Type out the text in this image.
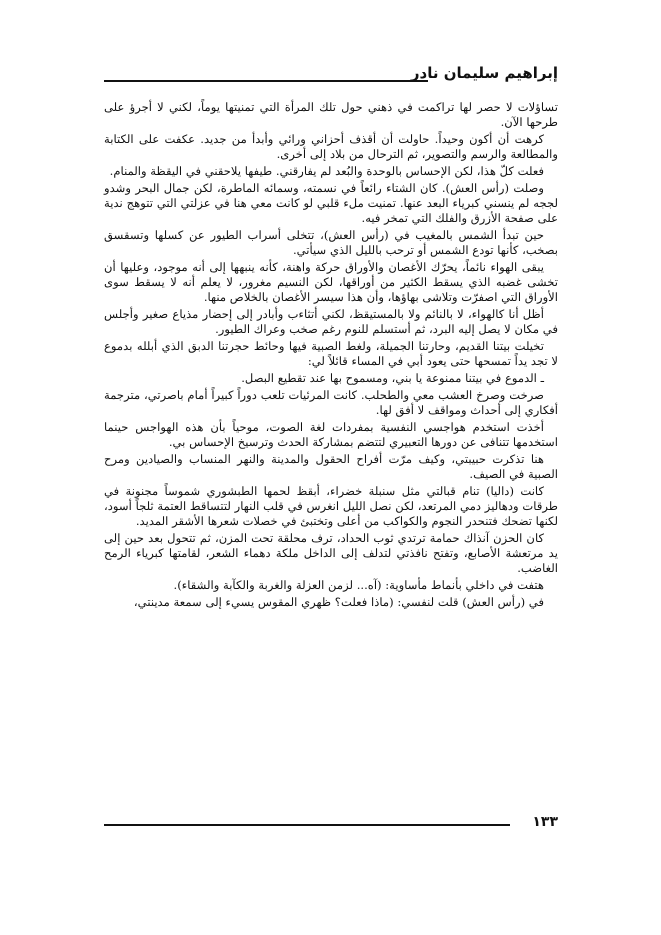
إبراهيم سليمان نادر

تساؤلات لا حصر لها تراكمت في ذهني حول تلك المرأة التي تمنيتها يوماً، لكني لا أجرؤ على طرحها الآن.

كرهت أن أكون وحيداً. حاولت أن أقذف أحزاني ورائي وأبدأ من جديد. عكفت على الكتابة والمطالعة والرسم والتصوير، ثم الترحال من بلاد إلى أخرى.

فعلت كلّ هذا، لكن الإحساس بالوحدة والبُعد لم يفارقني. طيفها يلاحقني في اليقظة والمنام.

وصلت (رأس العش). كان الشتاء رائعاً في نسمته، وسمائه الماطرة، لكن جمال البحر وشدو لججه لم ينسني كبرياء البعد عنها. تمنيت ملء قلبي لو كانت معي هنا في عزلتي التي تتوهج ندية على صفحة الأزرق والفلك التي تمخر فيه.

حين تبدأ الشمس بالمغيب في (رأس العش)، تتخلى أسراب الطيور عن كسلها وتسقسق بصخب، كأنها تودع الشمس أو ترحب بالليل الذي سيأتي.

يبقى الهواء نائماً، يحرّك الأغصان والأوراق حركة واهنة، كأنه ينبهها إلى أنه موجود، وعليها أن تخشى غضبه الذي يسقط الكثير من أوراقها، لكن النسيم مغرور، لا يعلم أنه لا يسقط سوى الأوراق التي اصفرّت وتلاشى بهاؤها، وأن هذا سيسر الأغصان بالخلاص منها.

أظل أنا كالهواء، لا بالنائم ولا بالمستيقظ، لكني أتثاءب وأبادر إلى إحضار مذياع صغير وأجلس في مكان لا يصل إليه البرد، ثم أستسلم للنوم رغم صخب وعراك الطيور.

تخيلت بيتنا القديم، وحارتنا الجميلة، ولغط الصبية فيها وحائط حجرتنا الدبق الذي أبلله بدموع لا تجد يداً تمسحها حتى يعود أبي في المساء قائلاً لي:

ـ الدموع في بيتنا ممنوعة يا بني، ومسموح بها عند تقطيع البصل.

صرخت وصرخ العشب معي والطحلب. كانت المرئيات تلعب دوراً كبيراً أمام باصرتي، مترجمة أفكاري إلى أحداث ومواقف لا أفق لها.

أخذت استخدم هواجسي النفسية بمفردات لغة الصوت، موحياً بأن هذه الهواجس حينما استخدمها تتنافى عن دورها التعبيري لتتضم بمشاركة الحدث وترسيخ الإحساس بي.

هنا تذكرت حبيبتي، وكيف مرّت أفراح الحقول والمدينة والنهر المنساب والصيادين ومرح الصبية في الصيف.

كانت (داليا) تنام قبالتي مثل سنبلة خضراء، أبقظ لحمها الطبشوري شموساً مجنونة في طرقات ودهاليز دمي المرتعد، لكن نصل الليل انغرس في قلب النهار لتتساقط العتمة ثلجاً أسود، لكنها تضحك فتنحدر النجوم والكواكب من أعلى وتختبئ في خصلات شعرها الأشقر المديد.

كان الحزن آنذاك حمامة ترتدي ثوب الحداد، ترف محلقة تحت المزن، ثم تتحول بعد حين إلى يد مرتعشة الأصابع، وتفتح نافذتي لتدلف إلى الداخل ملكة دهماء الشعر، لقامتها كبرياء الرمح الغاضب.

هتفت في داخلي بأنماط مأساوية: (آه... لزمن العزلة والغربة والكآبة والشقاء).

في (رأس العش) قلت لنفسي: (ماذا فعلت؟ ظهري المقوس يسيء إلى سمعة مدينتي،

١٣٣
